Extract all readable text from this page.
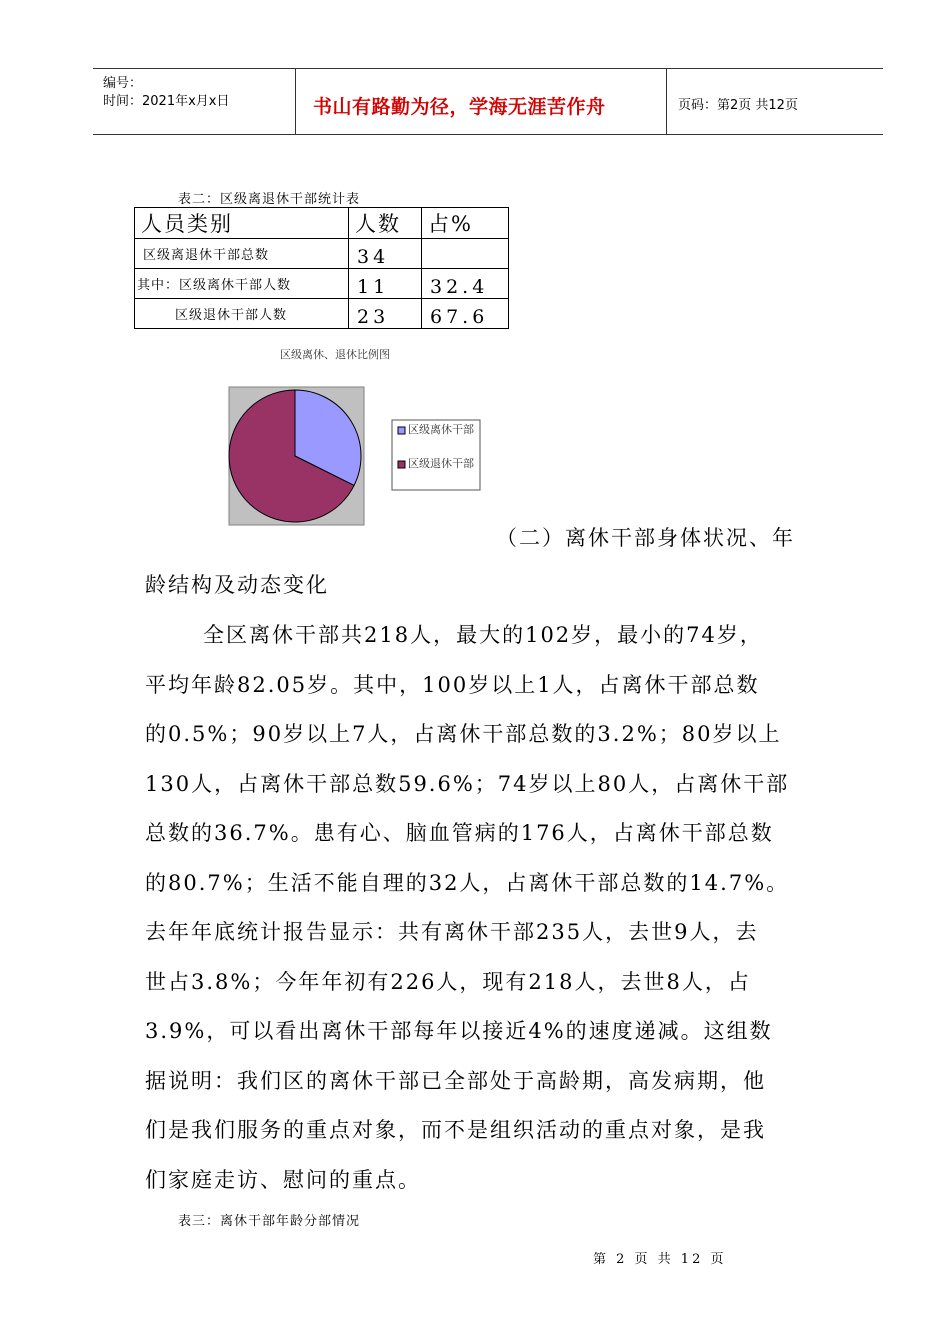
编号：
时间：2021年x月x日	书山有路勤为径，学海无涯苦作舟	页码：第2页 共12页
表二：区级离退休干部统计表
人员类别	人数	占%
区级离退休干部总数	34	
其中：区级离休干部人数	11	32.4
区级退休干部人数	23	67.6
区级离休、退休比例图
区级离休干部
区级退休干部
（二）离休干部身体状况、年
龄结构及动态变化
全区离休干部共218人，最大的102岁，最小的74岁，
平均年龄82.05岁。其中，100岁以上1人，占离休干部总数
的0.5%；90岁以上7人，占离休干部总数的3.2%；80岁以上
130人，占离休干部总数59.6%；74岁以上80人，占离休干部
总数的36.7%。患有心、脑血管病的176人，占离休干部总数
的80.7%；生活不能自理的32人，占离休干部总数的14.7%。
去年年底统计报告显示：共有离休干部235人，去世9人，去
世占3.8%；今年年初有226人，现有218人，去世8人，占
3.9%，可以看出离休干部每年以接近4%的速度递减。这组数
据说明：我们区的离休干部已全部处于高龄期，高发病期，他
们是我们服务的重点对象，而不是组织活动的重点对象，是我
们家庭走访、慰问的重点。
表三：离休干部年龄分部情况
第 2 页 共 12 页
